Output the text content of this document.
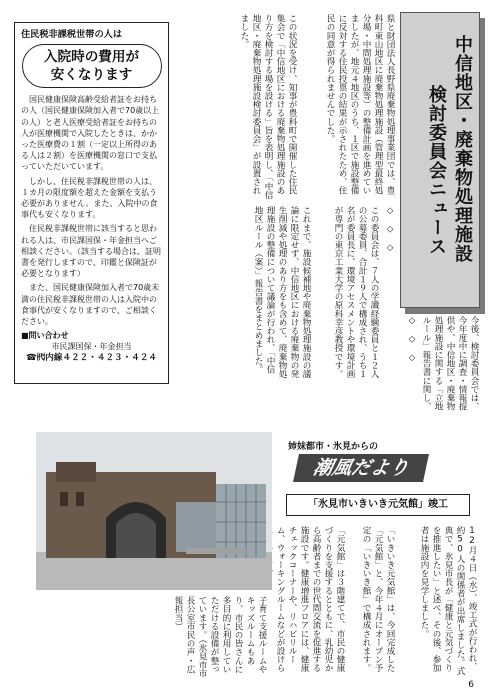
住民税非課税世帯の人は
入院時の費用が
安くなります

国民健康保険高齢受給者証をお持ちの人（国民健康保険加入者で70歳以上の人）と老人医療受給者証をお持ちの人が医療機関で入院したときは、かかった医療費の１割（一定以上所得のある人は２割）を医療機関の窓口で支払っていただいています。

しかし、住民税非課税世帯の人は、１カ月の限度額を超えた金額を支払う必要がありません。また、入院中の食事代も安くなります。

住民税非課税世帯に該当すると思われる人は、市民課国保・年金担当へご相談ください。（該当する場合は、証明書を発行しますので、印鑑と保険証が必要となります）

また、国民健康保険加入者で70歳未満の住民税非課税世帯の人は入院中の食事代が安くなりますので、ご相談ください。

■問い合わせ
市民課国保・年金担当
☎㈹内線４２２・４２３・４２４
中信地区・廃棄物処理施設
検討委員会ニュース
県と財団法人長野県廃棄物処理事業団では、豊科町東山地区に廃棄物処理施設（管理型最終処分場・中間処理施設等）の整備計画を進めていましたが、地元４地区のうち、１区で施設整備に反対する住民投票の結果が示されたため、住民の同意が得られませんでした。
この状況を受け、知事が豊科町で開催した住民集会で「中信地区における廃棄物処理施設のあり方を検討する場を設ける」旨を表明し、「中信地区・廃棄物処理施設検討委員会」が設置されました。
◇　◇　◇
この委員会は、７人の学識経験委員と１２人の公募委員、合計１９人で構成され、うち１名が委員長に、環境アセスメントや環境計画が専門の東京工業大学の原科幸彦教授です。
これまで、施設候補地や廃棄物処理施設の議論に限定せず、中信地区における廃棄物の発生削減や処理のあり方をも含めて、廃棄物処理施設の整備について議論が行われ、「中信地区ルール（案）」報告書をまとめました。	今後、検討委員会では、今年度中に調査・情報提供や、中信地区・廃棄物処理施設に関する「立地ルール」報告書に関し、
◇　◇　◇
姉妹都市・氷見からの
潮風だより
「氷見市いきいき元気館」竣工
12月４日（水）、竣工式が行われ、約50人の関係者が出席しました。式典で、氷見市長が「健康と元気づくりを推進したい」と述べ、その後、参加者は施設内を見学しました。
「いきいき元気館」は、今回完成した「元気館」と、今年４月にオープン予定の「いきいき館」で構成されます。
「元気館」は３階建てで、市民の健康づくりを支援するとともに、乳幼児から高齢者までの世代間交流を促進する施設です。健康増進フロアには、健康チェックコーナーや、リハビリルーム、ウォーキングルームなどが設けら
子育て支援ルームやキッズルームもあり、市民の皆さんに多目的に利用していただける設備が整っています。（氷見市市長公室市民の声・広報担当）
6
